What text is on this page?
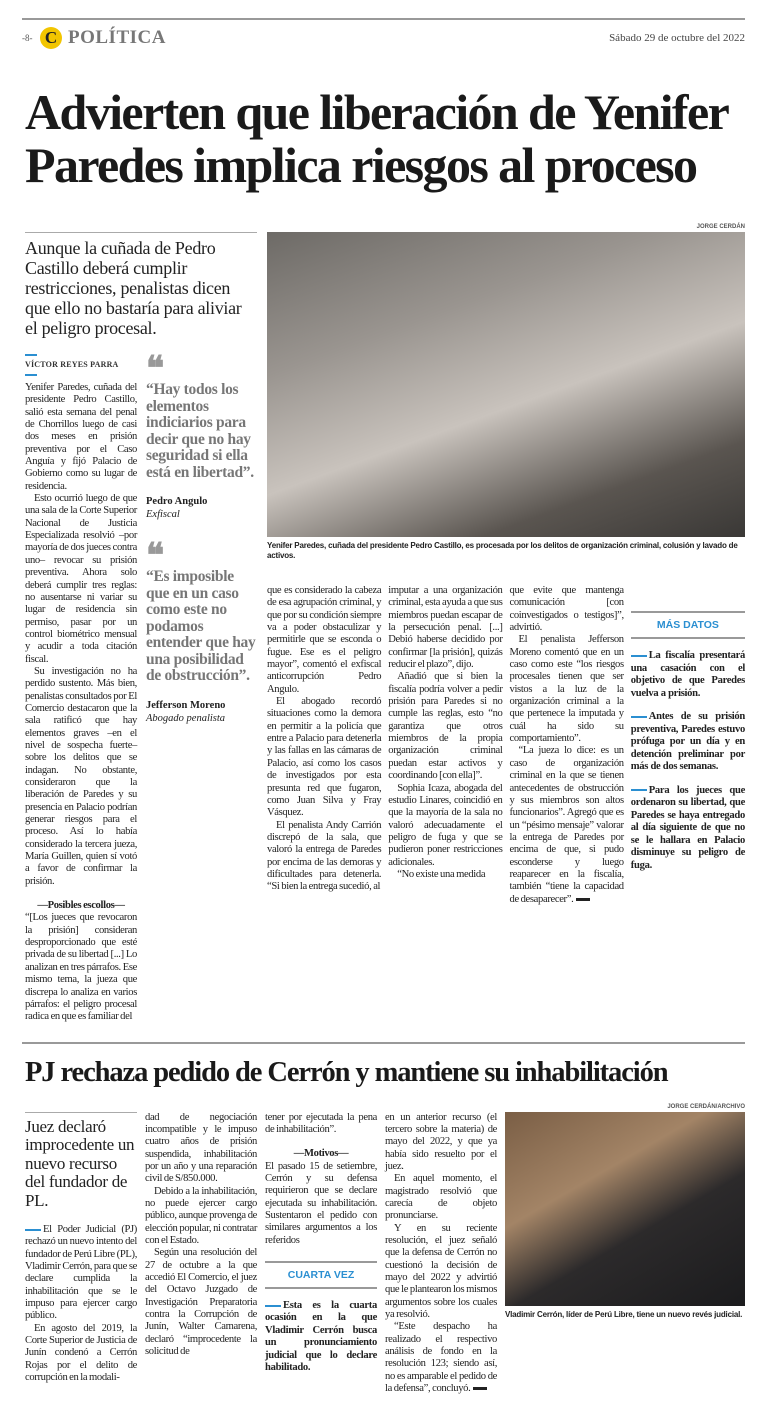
-8- C POLÍTICA	Sábado 29 de octubre del 2022
Advierten que liberación de Yenifer Paredes implica riesgos al proceso
Aunque la cuñada de Pedro Castillo deberá cumplir restricciones, penalistas dicen que ello no bastaría para aliviar el peligro procesal.
VÍCTOR REYES PARRA

Yenifer Paredes, cuñada del presidente Pedro Castillo, salió esta semana del penal de Chorrillos luego de casi dos meses en prisión preventiva por el Caso Anguía y fijó Palacio de Gobierno como su lugar de residencia.

Esto ocurrió luego de que una sala de la Corte Superior Nacional de Justicia Especializada resolvió –por mayoría de dos jueces contra uno– revocar su prisión preventiva. Ahora solo deberá cumplir tres reglas: no ausentarse ni variar su lugar de residencia sin permiso, pasar por un control biométrico mensual y acudir a toda citación fiscal.

Su investigación no ha perdido sustento. Más bien, penalistas consultados por El Comercio destacaron que la sala ratificó que hay elementos graves –en el nivel de sospecha fuerte– sobre los delitos que se indagan. No obstante, consideraron que la liberación de Paredes y su presencia en Palacio podrían generar riesgos para el proceso. Así lo había considerado la tercera jueza, María Guillen, quien sí votó a favor de confirmar la prisión.

—Posibles escollos—

“[Los jueces que revocaron la prisión] consideran desproporcionado que esté privada de su libertad [...] Lo analizan en tres párrafos. Ese mismo tema, la jueza que discrepa lo analiza en varios párrafos: el peligro procesal radica en que es familiar del

❝
“Hay todos los elementos indiciarios para decir que no hay seguridad si ella está en libertad”.
Pedro Angulo
Exfiscal
❝
“Es imposible que en un caso como este no podamos entender que hay una posibilidad de obstrucción”.
Jefferson Moreno
Abogado penalista
JORGE CERDÁN
Yenifer Paredes, cuñada del presidente Pedro Castillo, es procesada por los delitos de organización criminal, colusión y lavado de activos.

que es considerado la cabeza de esa agrupación criminal, y que por su condición siempre va a poder obstaculizar y permitirle que se esconda o fugue. Ese es el peligro mayor”, comentó el exfiscal anticorrupción Pedro Angulo.

El abogado recordó situaciones como la demora en permitir a la policía que entre a Palacio para detenerla y las fallas en las cámaras de Palacio, así como los casos de investigados por esta presunta red que fugaron, como Juan Silva y Fray Vásquez.

El penalista Andy Carrión discrepó de la sala, que valoró la entrega de Paredes por encima de las demoras y dificultades para detenerla. “Si bien la entrega sucedió, al

imputar a una organización criminal, esta ayuda a que sus miembros puedan escapar de la persecución penal. [...] Debió haberse decidido por confirmar [la prisión], quizás reducir el plazo”, dijo.

Añadió que si bien la fiscalía podría volver a pedir prisión para Paredes si no cumple las reglas, esto “no garantiza que otros miembros de la propia organización criminal puedan estar activos y coordinando [con ella]”.

Sophia Icaza, abogada del estudio Linares, coincidió en que la mayoría de la sala no valoró adecuadamente el peligro de fuga y que se pudieron poner restricciones adicionales.

“No existe una medida

que evite que mantenga comunicación [con coinvestigados o testigos]”, advirtió.

El penalista Jefferson Moreno comentó que en un caso como este “los riesgos procesales tienen que ser vistos a la luz de la organización criminal a la que pertenece la imputada y cuál ha sido su comportamiento”.

“La jueza lo dice: es un caso de organización criminal en la que se tienen antecedentes de obstrucción y sus miembros son altos funcionarios”. Agregó que es un “pésimo mensaje” valorar la entrega de Paredes por encima de que, si pudo esconderse y luego reaparecer en la fiscalía, también “tiene la capacidad de desaparecer”.

MÁS DATOS

La fiscalía presentará una casación con el objetivo de que Paredes vuelva a prisión.

Antes de su prisión preventiva, Paredes estuvo prófuga por un día y en detención preliminar por más de dos semanas.

Para los jueces que ordenaron su libertad, que Paredes se haya entregado al día siguiente de que no se le hallara en Palacio disminuye su peligro de fuga.

PJ rechaza pedido de Cerrón y mantiene su inhabilitación
Juez declaró improcedente un nuevo recurso del fundador de PL.

El Poder Judicial (PJ) rechazó un nuevo intento del fundador de Perú Libre (PL), Vladimir Cerrón, para que se declare cumplida la inhabilitación que se le impuso para ejercer cargo público.

En agosto del 2019, la Corte Superior de Justicia de Junín condenó a Cerrón Rojas por el delito de corrupción en la modali-

dad de negociación incompatible y le impuso cuatro años de prisión suspendida, inhabilitación por un año y una reparación civil de S/850.000.

Debido a la inhabilitación, no puede ejercer cargo público, aunque provenga de elección popular, ni contratar con el Estado.

Según una resolución del 27 de octubre a la que accedió El Comercio, el juez del Octavo Juzgado de Investigación Preparatoria contra la Corrupción de Junín, Walter Camarena, declaró “improcedente la solicitud de

tener por ejecutada la pena de inhabilitación”.

—Motivos—

El pasado 15 de setiembre, Cerrón y su defensa requirieron que se declare ejecutada su inhabilitación. Sustentaron el pedido con similares argumentos a los referidos

CUARTA VEZ

Esta es la cuarta ocasión en la que Vladimir Cerrón busca un pronunciamiento judicial que lo declare habilitado.

en un anterior recurso (el tercero sobre la materia) de mayo del 2022, y que ya había sido resuelto por el juez.

En aquel momento, el magistrado resolvió que carecía de objeto pronunciarse.

Y en su reciente resolución, el juez señaló que la defensa de Cerrón no cuestionó la decisión de mayo del 2022 y advirtió que le plantearon los mismos argumentos sobre los cuales ya resolvió.

“Este despacho ha realizado el respectivo análisis de fondo en la resolución 123; siendo así, no es amparable el pedido de la defensa”, concluyó.

JORGE CERDÁN/ARCHIVO
Vladimir Cerrón, líder de Perú Libre, tiene un nuevo revés judicial.
